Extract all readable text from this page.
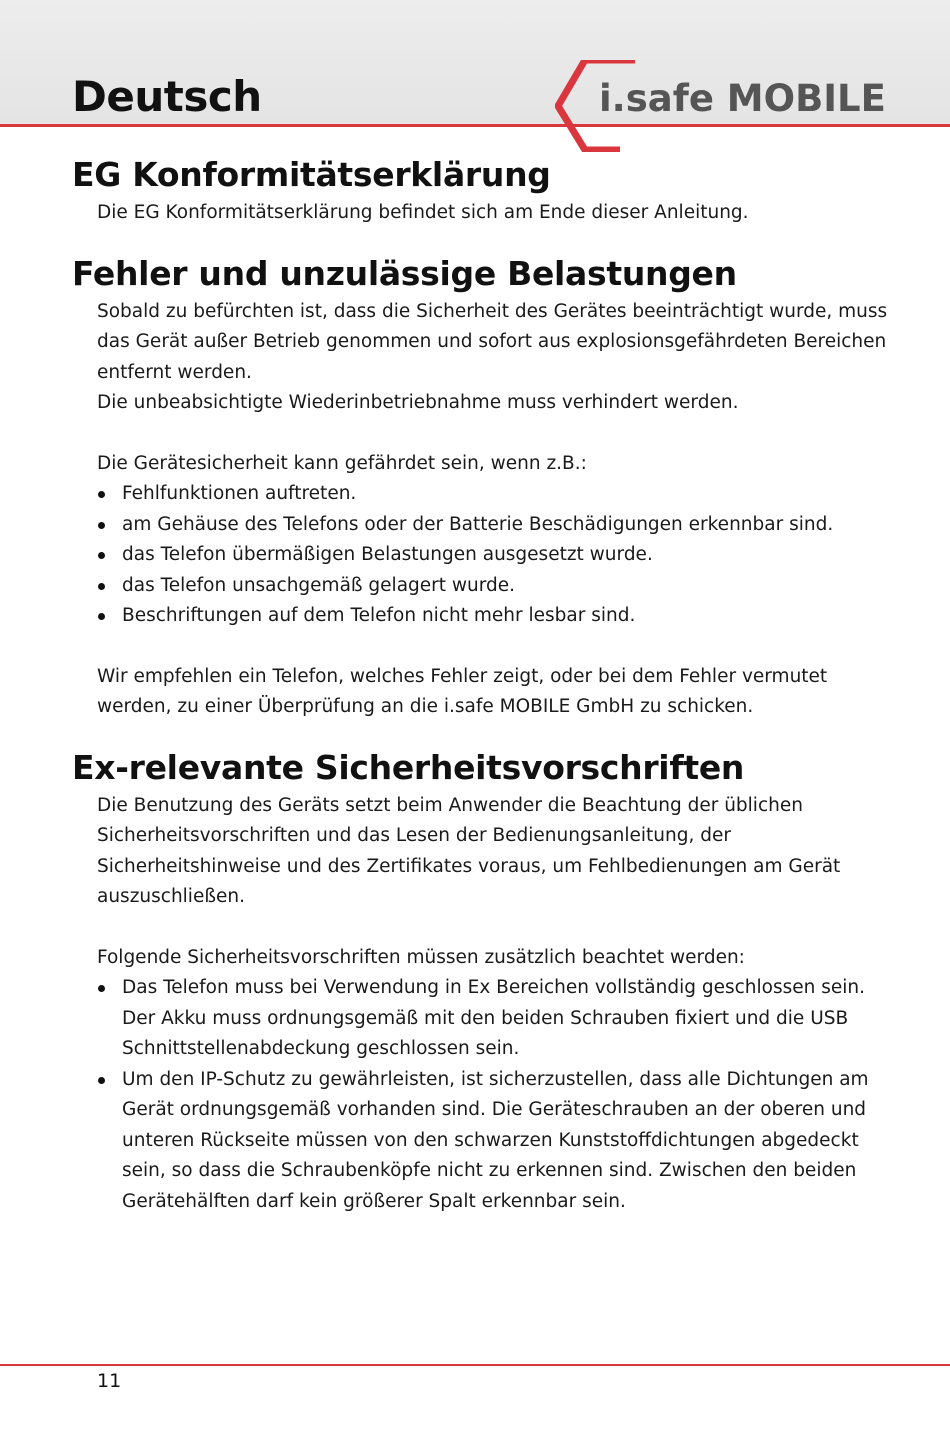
Deutsch	i.safe MOBILE
EG Konformitätserklärung

Die EG Konformitätserklärung befindet sich am Ende dieser Anleitung.

Fehler und unzulässige Belastungen

Sobald zu befürchten ist, dass die Sicherheit des Gerätes beeinträchtigt wurde, muss das Gerät außer Betrieb genommen und sofort aus explosionsgefährdeten Bereichen entfernt werden.

Die unbeabsichtigte Wiederinbetriebnahme muss verhindert werden.

Die Gerätesicherheit kann gefährdet sein, wenn z.B.:

Fehlfunktionen auftreten.
am Gehäuse des Telefons oder der Batterie Beschädigungen erkennbar sind.
das Telefon übermäßigen Belastungen ausgesetzt wurde.
das Telefon unsachgemäß gelagert wurde.
Beschriftungen auf dem Telefon nicht mehr lesbar sind.

Wir empfehlen ein Telefon, welches Fehler zeigt, oder bei dem Fehler vermutet werden, zu einer Überprüfung an die i.safe MOBILE GmbH zu schicken.

Ex-relevante Sicherheitsvorschriften

Die Benutzung des Geräts setzt beim Anwender die Beachtung der üblichen Sicherheitsvorschriften und das Lesen der Bedienungsanleitung, der Sicherheitshinweise und des Zertifikates voraus, um Fehlbedienungen am Gerät auszuschließen.

Folgende Sicherheitsvorschriften müssen zusätzlich beachtet werden:

Das Telefon muss bei Verwendung in Ex Bereichen vollständig geschlossen sein. Der Akku muss ordnungsgemäß mit den beiden Schrauben fixiert und die USB Schnittstellenabdeckung geschlossen sein.
Um den IP-Schutz zu gewährleisten, ist sicherzustellen, dass alle Dichtungen am Gerät ordnungsgemäß vorhanden sind. Die Geräteschrauben an der oberen und unteren Rückseite müssen von den schwarzen Kunststoffdichtungen abgedeckt sein, so dass die Schraubenköpfe nicht zu erkennen sind. Zwischen den beiden Gerätehälften darf kein größerer Spalt erkennbar sein.
11
